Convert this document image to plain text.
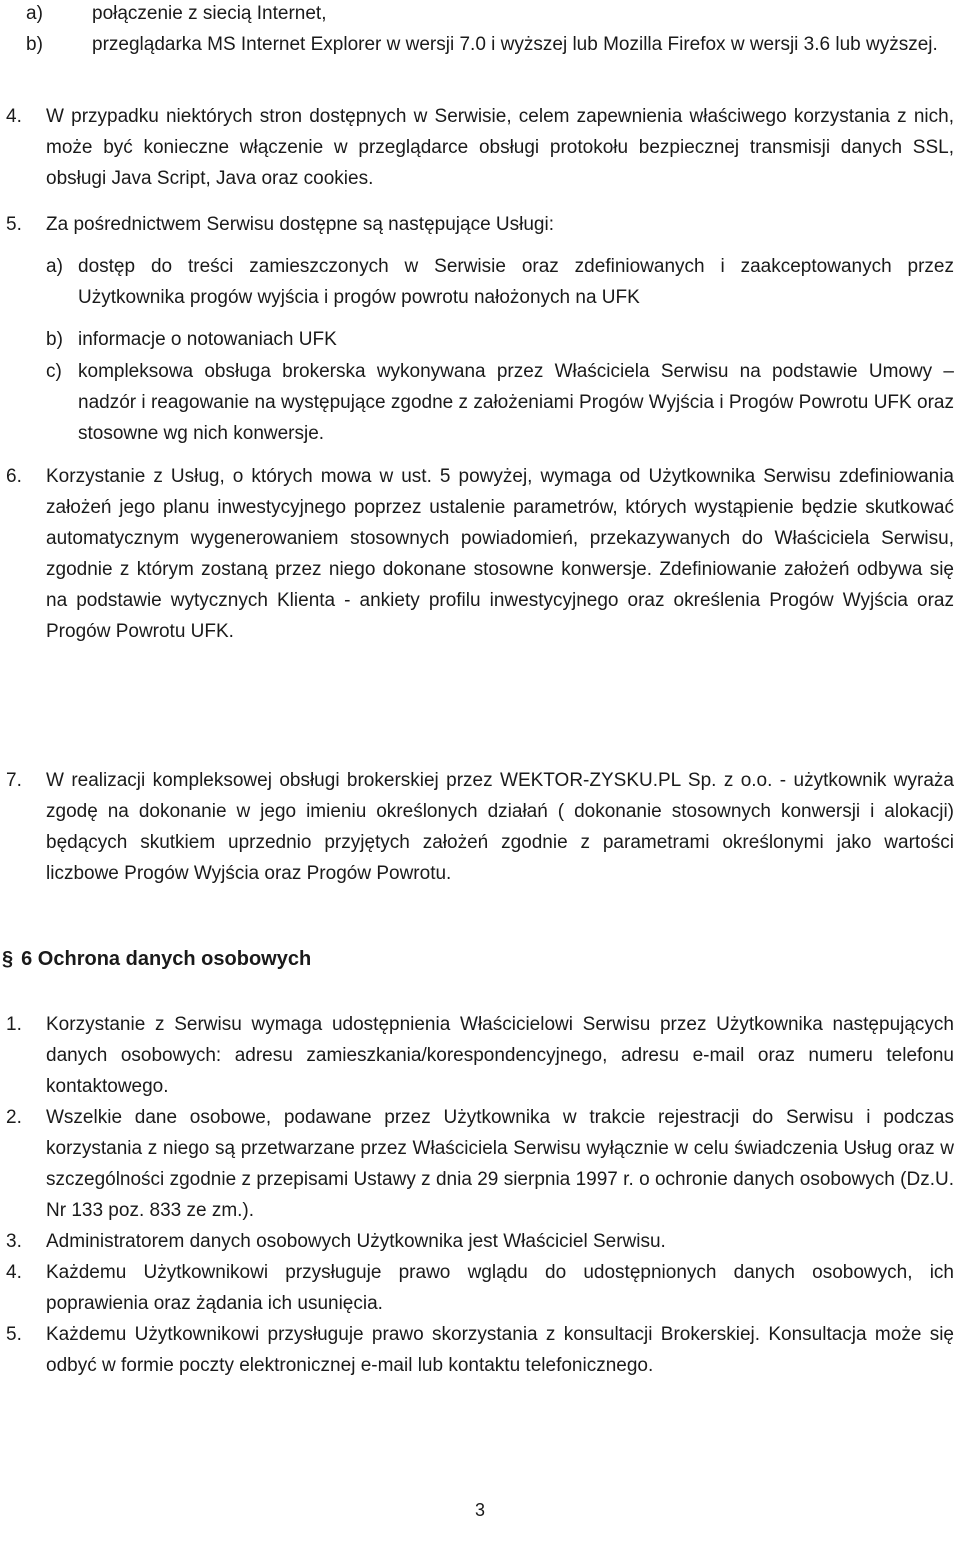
a)	połączenie z siecią Internet,
b)	przeglądarka MS Internet Explorer w wersji 7.0 i wyższej lub Mozilla Firefox w wersji 3.6 lub wyższej.
4. W przypadku niektórych stron dostępnych w Serwisie, celem zapewnienia właściwego korzystania z nich, może być konieczne włączenie w przeglądarce obsługi protokołu bezpiecznej transmisji danych SSL, obsługi Java Script, Java oraz cookies.
5. Za pośrednictwem Serwisu dostępne są następujące Usługi:
a) dostęp do treści zamieszczonych w Serwisie oraz zdefiniowanych i zaakceptowanych przez Użytkownika progów wyjścia i progów powrotu nałożonych na UFK
b) informacje o notowaniach UFK
c) kompleksowa obsługa brokerska wykonywana przez Właściciela Serwisu na podstawie Umowy – nadzór i reagowanie na występujące zgodne z założeniami Progów Wyjścia i Progów Powrotu UFK oraz stosowne wg nich konwersje.
6. Korzystanie z Usług, o których mowa w ust. 5 powyżej, wymaga od Użytkownika Serwisu zdefiniowania założeń jego planu inwestycyjnego poprzez ustalenie parametrów, których wystąpienie będzie skutkować automatycznym wygenerowaniem stosownych powiadomień, przekazywanych do Właściciela Serwisu, zgodnie z którym zostaną przez niego dokonane stosowne konwersje. Zdefiniowanie założeń odbywa się na podstawie wytycznych Klienta - ankiety profilu inwestycyjnego oraz określenia Progów Wyjścia oraz Progów Powrotu UFK.
7. W realizacji kompleksowej obsługi brokerskiej przez WEKTOR-ZYSKU.PL Sp. z o.o. - użytkownik wyraża zgodę na dokonanie w jego imieniu określonych działań ( dokonanie stosownych konwersji i alokacji) będących skutkiem uprzednio przyjętych założeń zgodnie z parametrami określonymi jako wartości liczbowe Progów Wyjścia oraz Progów Powrotu.
§ 6 Ochrona danych osobowych
1. Korzystanie z Serwisu wymaga udostępnienia Właścicielowi Serwisu przez Użytkownika następujących danych osobowych: adresu zamieszkania/korespondencyjnego, adresu e-mail oraz numeru telefonu kontaktowego.
2. Wszelkie dane osobowe, podawane przez Użytkownika w trakcie rejestracji do Serwisu i podczas korzystania z niego są przetwarzane przez Właściciela Serwisu wyłącznie w celu świadczenia Usług oraz w szczególności zgodnie z przepisami Ustawy z dnia 29 sierpnia 1997 r. o ochronie danych osobowych (Dz.U. Nr 133 poz. 833 ze zm.).
3. Administratorem danych osobowych Użytkownika jest Właściciel Serwisu.
4. Każdemu Użytkownikowi przysługuje prawo wglądu do udostępnionych danych osobowych, ich poprawienia oraz żądania ich usunięcia.
5. Każdemu Użytkownikowi przysługuje prawo skorzystania z konsultacji Brokerskiej. Konsultacja może się odbyć w formie poczty elektronicznej e-mail lub kontaktu telefonicznego.
3
